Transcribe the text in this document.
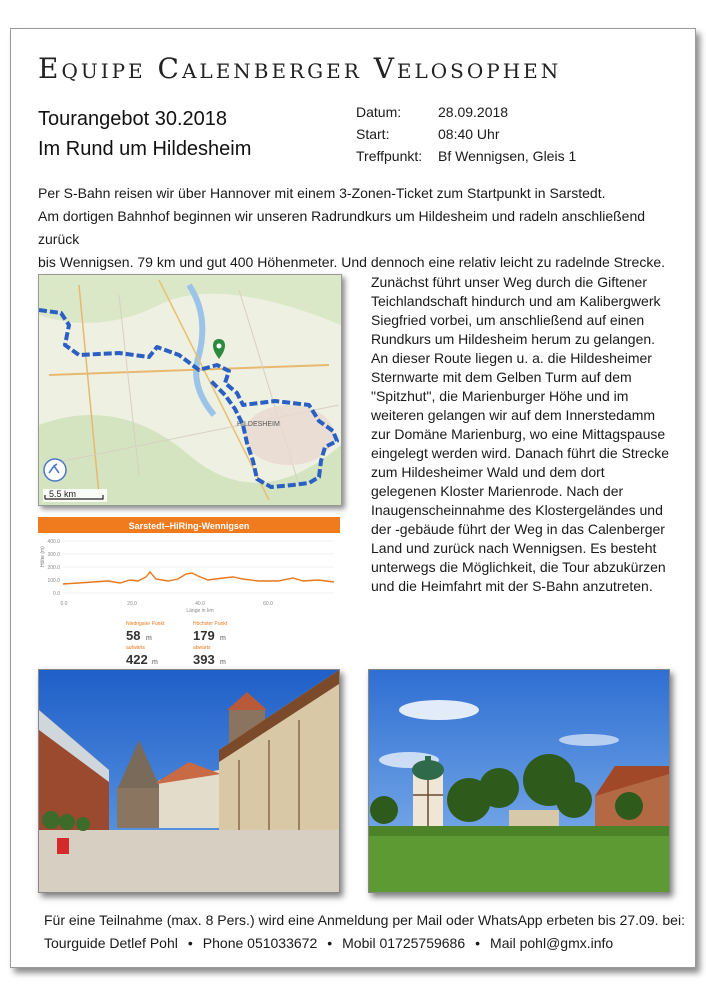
Equipe Calenberger Velosophen
Tourangebot 30.2018
Im Rund um Hildesheim
Datum:	28.09.2018
Start:	08:40 Uhr
Treffpunkt:	Bf Wennigsen, Gleis 1
Per S-Bahn reisen wir über Hannover mit einem 3-Zonen-Ticket zum Startpunkt in Sarstedt.
Am dortigen Bahnhof beginnen wir unseren Radrundkurs um Hildesheim und radeln anschließend zurück
bis Wennigsen. 79 km und gut 400 Höhenmeter. Und dennoch eine relativ leicht zu radelnde Strecke.
HILDESHEIM
5.5 km
Sarstedt–HiRing-Wennigsen
Höhe (m)
400.0
300.0
200.0
100.0
0.0
0.0	20.0	40.0	60.0
Länge in km
Niedrigster Punkt
58 m
aufwärts
422 m
Höchster Punkt
179 m
abwärts
393 m
Zunächst führt unser Weg durch die Giftener Teichlandschaft hindurch und am Kalibergwerk Siegfried vorbei, um anschließend auf einen Rundkurs um Hildesheim herum zu gelangen. An dieser Route liegen u. a. die Hildesheimer Sternwarte mit dem Gelben Turm auf dem "Spitzhut", die Marienburger Höhe und im weiteren gelangen wir auf dem Innerstedamm zur Domäne Marienburg, wo eine Mittagspause eingelegt werden wird. Danach führt die Strecke zum Hildesheimer Wald und dem dort gelegenen Kloster Marienrode. Nach der Inaugenscheinnahme des Klostergeländes und der -gebäude führt der Weg in das Calenberger Land und zurück nach Wennigsen. Es besteht unterwegs die Möglichkeit, die Tour abzukürzen und die Heimfahrt mit der S-Bahn anzutreten.
Für eine Teilnahme (max. 8 Pers.) wird eine Anmeldung per Mail oder WhatsApp erbeten bis 27.09. bei:
Tourguide Detlef Pohl • Phone 051033672 • Mobil 01725759686 • Mail pohl@gmx.info
